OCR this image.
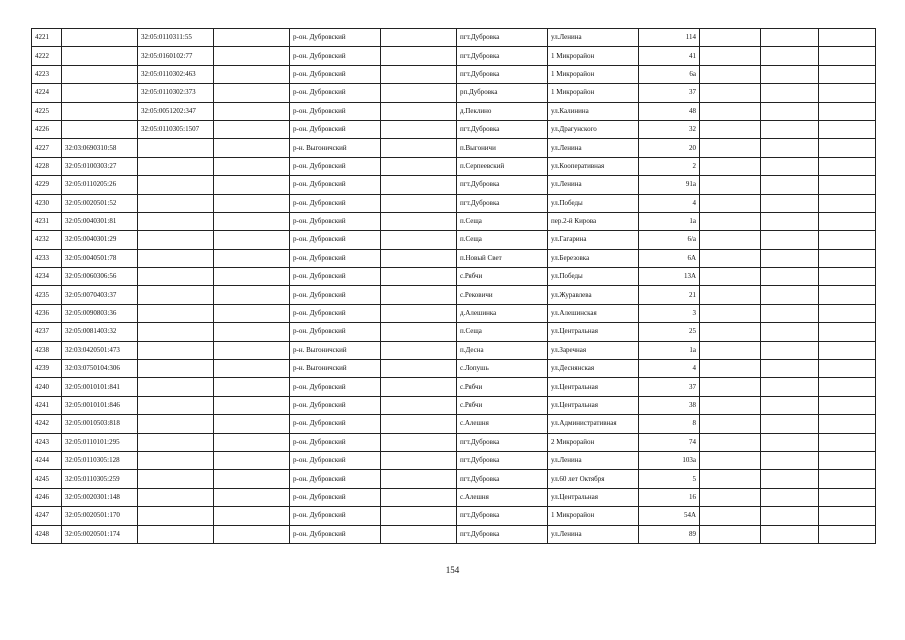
4221		32:05:0110311:55		р-он. Дубровский		пгт.Дубровка	ул.Ленина	114			
4222		32:05:0160102:77		р-он. Дубровский		пгт.Дубровка	1 Микрорайон	41			
4223		32:05:0110302:463		р-он. Дубровский		пгт.Дубровка	1 Микрорайон	6а			
4224		32:05:0110302:373		р-он. Дубровский		рп.Дубровка	1 Микрорайон	37			
4225		32:05:0051202:347		р-он. Дубровский		д.Пеклино	ул.Калинина	48			
4226		32:05:0110305:1507		р-он. Дубровский		пгт.Дубровка	ул.Драгунского	32			
4227	32:03:0690310:58			р-н. Выгоничский		п.Выгоничи	ул.Ленина	20			
4228	32:05:0100303:27			р-он. Дубровский		п.Серпеевский	ул.Кооперативная	2			
4229	32:05:0110205:26			р-он. Дубровский		пгт.Дубровка	ул.Ленина	91а			
4230	32:05:0020501:52			р-он. Дубровский		пгт.Дубровка	ул.Победы	4			
4231	32:05:0040301:81			р-он. Дубровский		п.Сеща	пер.2-й Кирова	1а			
4232	32:05:0040301:29			р-он. Дубровский		п.Сеща	ул.Гагарина	6/а			
4233	32:05:0040501:78			р-он. Дубровский		п.Новый Свет	ул.Березовка	6А			
4234	32:05:0060306:56			р-он. Дубровский		с.Рябчи	ул.Победы	13А			
4235	32:05:0070403:37			р-он. Дубровский		с.Рековичи	ул.Журавлева	21			
4236	32:05:0090803:36			р-он. Дубровский		д.Алешинка	ул.Алешинская	3			
4237	32:05:0081403:32			р-он. Дубровский		п.Сеща	ул.Центральная	25			
4238	32:03:0420501:473			р-н. Выгоничский		п.Десна	ул.Заречная	1а			
4239	32:03:0750104:306			р-н. Выгоничский		с.Лопушь	ул.Деснянская	4			
4240	32:05:0010101:841			р-он. Дубровский		с.Рябчи	ул.Центральная	37			
4241	32:05:0010101:846			р-он. Дубровский		с.Рябчи	ул.Центральная	38			
4242	32:05:0010503:818			р-он. Дубровский		с.Алешня	ул.Административная	8			
4243	32:05:0110101:295			р-он. Дубровский		пгт.Дубровка	2 Микрорайон	74			
4244	32:05:0110305:128			р-он. Дубровский		пгт.Дубровка	ул.Ленина	103а			
4245	32:05:0110305:259			р-он. Дубровский		пгт.Дубровка	ул.60 лет Октября	5			
4246	32:05:0020301:148			р-он. Дубровский		с.Алешня	ул.Центральная	16			
4247	32:05:0020501:170			р-он. Дубровский		пгт.Дубровка	1 Микрорайон	54А			
4248	32:05:0020501:174			р-он. Дубровский		пгт.Дубровка	ул.Ленина	89			
154
